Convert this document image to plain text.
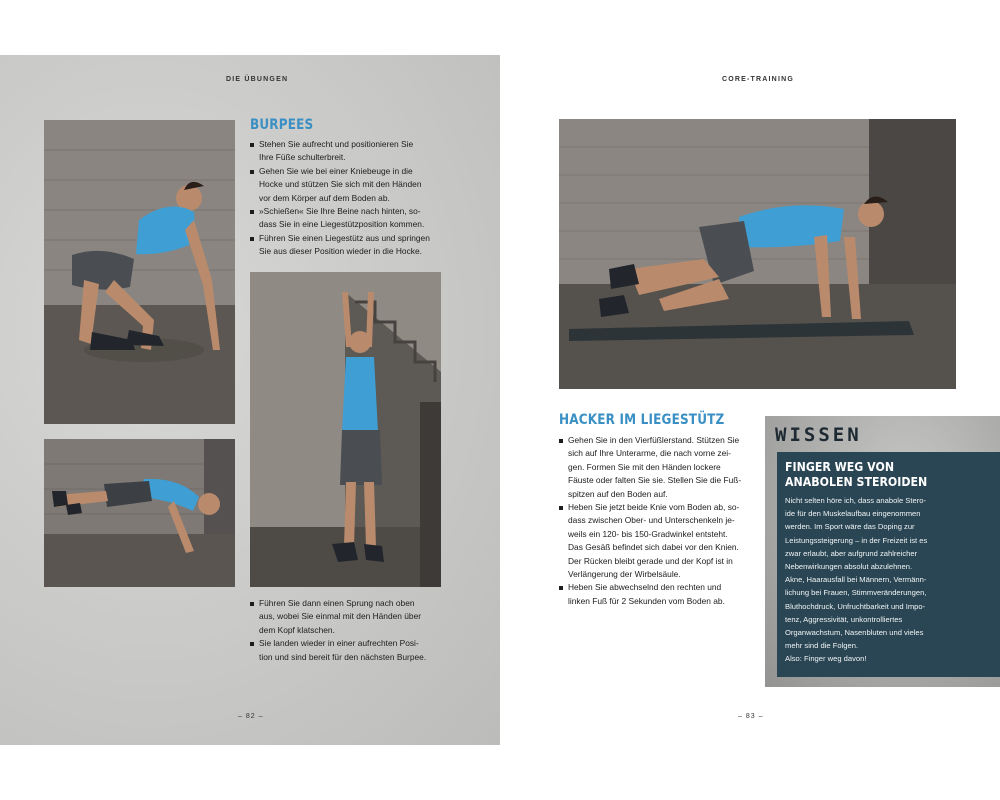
DIE ÜBUNGEN
BURPEES
Stehen Sie aufrecht und positionieren Sie
Ihre Füße schulterbreit.
Gehen Sie wie bei einer Kniebeuge in die
Hocke und stützen Sie sich mit den Händen
vor dem Körper auf dem Boden ab.
»Schießen« Sie Ihre Beine nach hinten, so-
dass Sie in eine Liegestützposition kommen.
Führen Sie einen Liegestütz aus und springen
Sie aus dieser Position wieder in die Hocke.
Führen Sie dann einen Sprung nach oben
aus, wobei Sie einmal mit den Händen über
dem Kopf klatschen.
Sie landen wieder in einer aufrechten Posi-
tion und sind bereit für den nächsten Burpee.
– 82 –
CORE-TRAINING
HACKER IM LIEGESTÜTZ
Gehen Sie in den Vierfüßlerstand. Stützen Sie
sich auf Ihre Unterarme, die nach vorne zei-
gen. Formen Sie mit den Händen lockere
Fäuste oder falten Sie sie. Stellen Sie die Fuß-
spitzen auf den Boden auf.
Heben Sie jetzt beide Knie vom Boden ab, so-
dass zwischen Ober- und Unterschenkeln je-
weils ein 120- bis 150-Gradwinkel entsteht.
Das Gesäß befindet sich dabei vor den Knien.
Der Rücken bleibt gerade und der Kopf ist in
Verlängerung der Wirbelsäule.
Heben Sie abwechselnd den rechten und
linken Fuß für 2 Sekunden vom Boden ab.
WISSEN
FINGER WEG VON
ANABOLEN STEROIDEN
Nicht selten höre ich, dass anabole Stero-
ide für den Muskelaufbau eingenommen
werden. Im Sport wäre das Doping zur
Leistungssteigerung – in der Freizeit ist es
zwar erlaubt, aber aufgrund zahlreicher
Nebenwirkungen absolut abzulehnen.
Akne, Haarausfall bei Männern, Vermänn-
lichung bei Frauen, Stimmveränderungen,
Bluthochdruck, Unfruchtbarkeit und Impo-
tenz, Aggressivität, unkontrolliertes
Organwachstum, Nasenbluten und vieles
mehr sind die Folgen.
Also: Finger weg davon!
– 83 –
